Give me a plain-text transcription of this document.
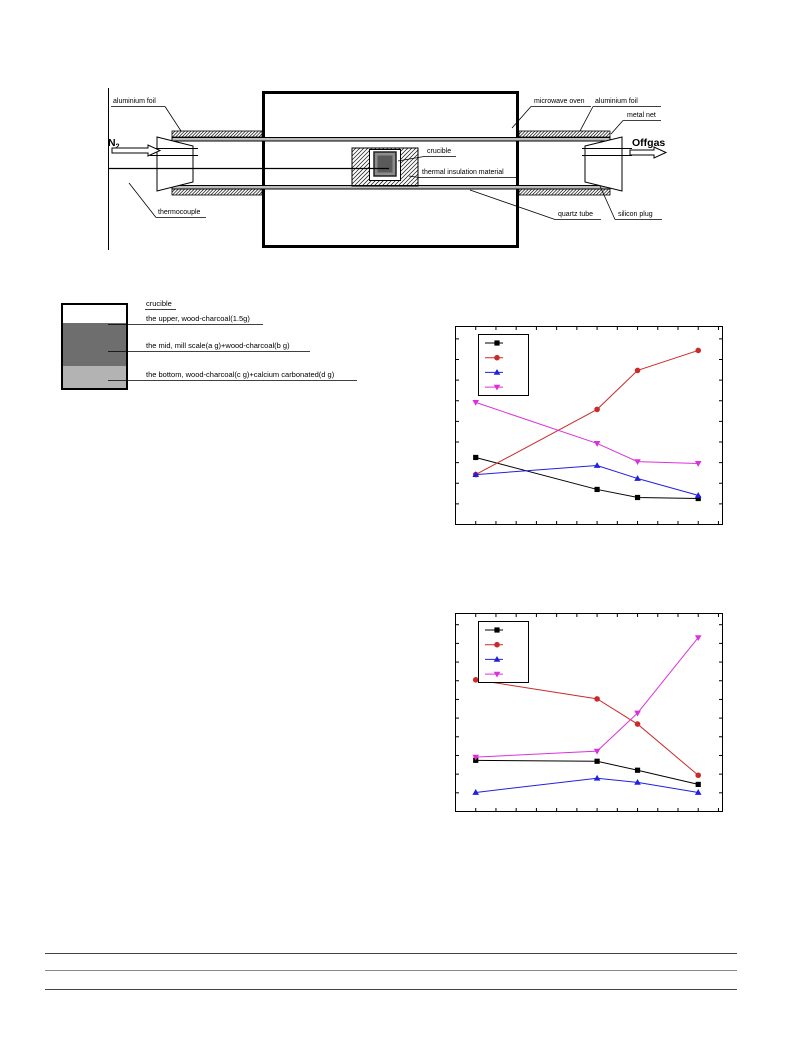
aluminium foil
$N_2$
thermocouple
microwave oven aluminium foil
metal net
Offgas
crucible
thermal insulation material
quartz tube	silicon plug
crucible
the upper, wood-charcoal(1.5g)
the mid, mill scale(a g)+wood-charcoal(b g)
the bottom, wood-charcoal(c g)+calcium carbonated(d g)
